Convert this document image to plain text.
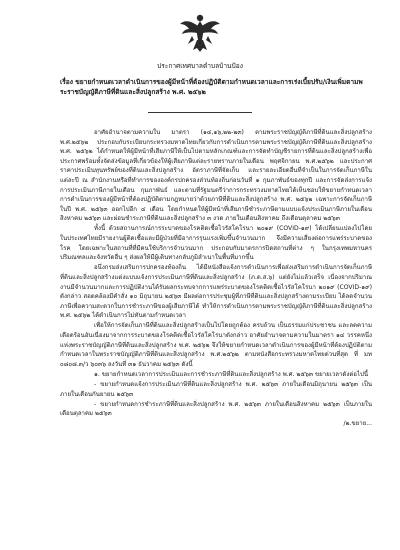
ประกาศเทศบาลตำบลบ้านป้อง
เรื่อง ขยายกำหนดเวลาดำเนินการของผู้มีหน้าที่ต้องปฏิบัติตามกำหนดเวลาและการเร่งเบี้ยปรับ/เงินเพิ่มตามพระราชบัญญัติภาษีที่ดินและสิ่งปลูกสร้าง พ.ศ. ๒๕๖๒

อาศัยอำนาจตามความใน มาตรา (๑๔,๑๖,๒๒-๒๓) ตามพระราชบัญญัติภาษีที่ดินและสิ่งปลูกสร้าง พ.ศ.๒๕๖๒ ประกอบกับระเบียบกระทรวงมหาดไทยเกี่ยวกับการดำเนินการตามพระราชบัญญัติภาษีที่ดินและสิ่งปลูกสร้าง พ.ศ. ๒๕๖๒ ได้กำหนดให้ผู้มีหน้าที่เสียภาษีให้เป็นไปตามหลักเกณฑ์และการจัดทำบัญชีรายการที่ดินและสิ่งปลูกสร้างเพื่อประกาศพร้อมทั้งจัดส่งข้อมูลที่เกี่ยวข้องให้ผู้เสียภาษีแต่ละรายทราบภายในเดือน พฤศจิกายน พ.ศ.๒๕๖๒ และประกาศราคาประเมินทุนทรัพย์ของที่ดินและสิ่งปลูกสร้าง อัตราภาษีที่จัดเก็บ และรายละเอียดอื่นที่จำเป็นในการจัดเก็บภาษีในแต่ละปี ณ สำนักงานหรือที่ทำการขององค์กรปกครองส่วนท้องถิ่นก่อนวันที่ ๑ กุมภาพันธ์ของทุกปี และการจัดส่งการแจ้งการประเมินภาษีภายในเดือน กุมภาพันธ์ และตามที่รัฐมนตรีว่าการกระทรวงมหาดไทยได้เห็นชอบให้ขยายกำหนดเวลาการดำเนินการของผู้มีหน้าที่ต้องปฏิบัติตามกฎหมายว่าด้วยภาษีที่ดินและสิ่งปลูกสร้าง พ.ศ. ๒๕๖๒ เฉพาะการจัดเก็บภาษีในปี พ.ศ. ๒๕๖๓ ออกไปอีก ๔ เดือน โดยกำหนดให้ผู้มีหน้าที่เสียภาษีชำระภาษีตามแบบแจ้งประเมินภาษีภายในเดือนสิงหาคม ๒๕๖๓ และผ่อนชำระภาษีที่ดินและสิ่งปลูกสร้าง ๓ งวด ภายในเดือนสิงหาคม ถึงเดือนตุลาคม ๒๕๖๓

ทั้งนี้ ด้วยสถานการณ์การระบาดของโรคติดเชื้อไวรัสโคโรนา ๒๐๑๙ (COVID-๑๙) ได้เปลี่ยนแปลงไปโดยในประเทศไทยมีรายงานผู้ติดเชื้อและมีผู้ป่วยที่มีอาการรุนแรงเพิ่มขึ้นจำนวนมาก จึงมีความเสี่ยงต่อการแพร่ระบาดของโรค โดยเฉพาะในสถานที่ที่มีคนใช้บริการจำนวนมาก ประกอบกับมาตรการปิดสถานที่ต่าง ๆ ในกรุงเทพมหานคร ปริมณฑลและจังหวัดอื่น ๆ ส่งผลให้มีผู้เดินทางกลับภูมิลำเนาในพื้นที่มากขึ้น

อนึ่งกรมส่งเสริมการปกครองท้องถิ่น ได้มีหนังสือแจ้งการดำเนินการเพื่อส่งเสริมการดำเนินการจัดเก็บภาษีที่ดินและสิ่งปลูกสร้างแต่งแบบแจ้งการประเมินภาษีที่ดินและสิ่งปลูกสร้าง (ภ.ด.ส.๖) แต่ยังไม่แล้วเสร็จ เนื่องจากปริมาณงานมีจำนวนมากและการปฏิบัติงานได้รับผลกระทบจากการแพร่ระบาดของโรคติดเชื้อไวรัสโคโรนา ๒๐๑๙ (COVID-๑๙) ดังกล่าว สอดคล้องมีคำสั่ง ๑๐ มิถุนายน ๒๕๖๓ มีผลต่อการประชุมผู้ที่ภาษีที่ดินและสิ่งปลูกสร้างตามระเบียบ ได้ลดจำนวนภาษีเพื่อความสะดวกในการชำระภาษีของผู้เสียภาษีได้ ทำให้การดำเนินการตามพระราชบัญญัติภาษีที่ดินและสิ่งปลูกสร้าง พ.ศ. ๒๕๖๒ ได้ดำเนินการไม่ทันตามกำหนดเวลา

เพื่อให้การจัดเก็บภาษีที่ดินและสิ่งปลูกสร้างเป็นไปโดยถูกต้อง ครบถ้วน เป็นธรรมแก่ประชาชน และลดความเดือดร้อนอันเนื่องมาจากการระบาดของโรคติดเชื้อไวรัสโคโรนาดังกล่าว อาศัยอำนาจตามความในมาตรา ๑๔ วรรคหนึ่ง แห่งพระราชบัญญัติภาษีที่ดินและสิ่งปลูกสร้าง พ.ศ. ๒๕๖๒ จึงให้ขยายกำหนดเวลาดำเนินการของผู้มีหน้าที่ต้องปฏิบัติตามกำหนดเวลาในพระราชบัญญัติภาษีที่ดินและสิ่งปลูกสร้าง พ.ศ.๒๕๖๒ ตามหนังสือกระทรวงมหาดไทยด่วนที่สุด ที่ มท ๐๘๐๘.๓/ว ๖๐๓๖ ลงวันที่ ๓๑ ธันวาคม ๒๕๖๓ ดังนี้

๑. ขยายกำหนดเวลาการประเมินและการชำระภาษีที่ดินและสิ่งปลูกสร้าง พ.ศ. ๒๕๖๓ ขยายเวลาดังต่อไปนี้

- ขยายกำหนดแจ้งการประเมินภาษีที่ดินและสิ่งปลูกสร้าง พ.ศ. ๒๕๖๓ ภายในเดือนมิถุนายน ๒๕๖๓ เป็นภายในเดือนกันยายน ๒๕๖๓

- ขยายกำหนดการชำระภาษีที่ดินและสิ่งปลูกสร้าง พ.ศ. ๒๕๖๓ ภายในเดือนสิงหาคม ๒๕๖๓ เป็นภายในเดือนตุลาคม ๒๕๖๓

/๒.ขยาย...
